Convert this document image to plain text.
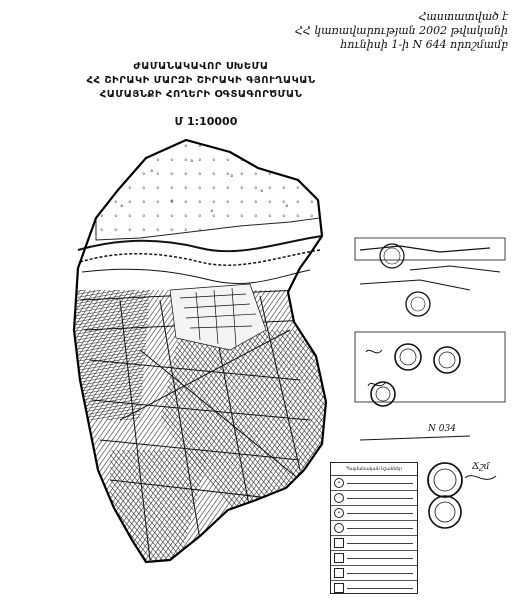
Հաստատված է
ՀՀ կառավարության 2002 թվականի
հունիսի 1-ի N 644 որոշմամբ
ԺԱՄԱՆԱԿԱՎՈՐ ՍԽԵՄԱ
ՀՀ ՇԻՐԱԿԻ ՄԱՐԶԻ ՇԻՐԱԿԻ ԳՅՈՒՂԱԿԱՆ
ՀԱՄԱՅՆՔԻ ՀՈՂԵՐԻ ՕԳՏԱԳՈՐԾՄԱՆ
Մ 1:10000
°
°
°
°
°
°
°
°
N 034
Ճշմ
Պայմանական նշաններ
•
◦
•
◦
